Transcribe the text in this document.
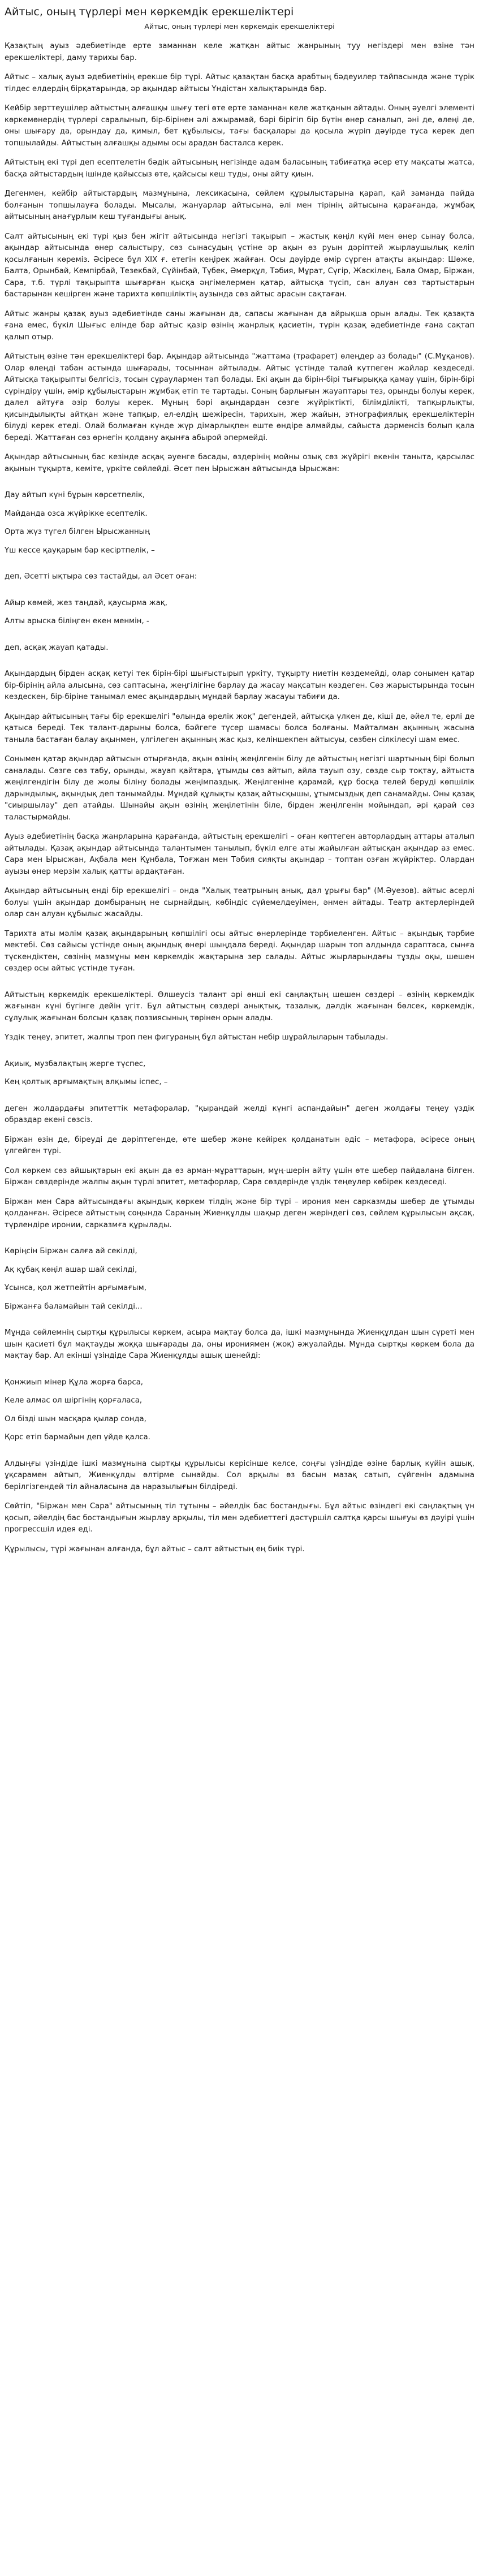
Айтыс, оның түрлері мен көркемдік ерекшеліктері
Айтыс, оның түрлері мен көркемдік ерекшеліктері

Қазақтың ауыз әдебиетінде ерте заманнан келе жатқан айтыс жанрының туу негіздері мен өзіне тән ерекшеліктері, даму тарихы бар.

Айтыс – халық ауыз әдебиетінің ерекше бір түрі. Айтыс қазақтан басқа арабтың бәдеуилер тайпасында және түрік тілдес елдердің бірқатарында, әр ақындар айтысы Үндістан халықтарында бар.

Кейбір зерттеушілер айтыстың алғашқы шығу тегі өте ерте заманнан келе жатқанын айтады. Оның әуелгі элементі көркемөнердің түрлері саралынып, бір-бірінен әлі ажырамай, бәрі бірігіп бір бүтін өнер саналып, әні де, өлеңі де, оны шығару да, орындау да, қимыл, бет құбылысы, тағы басқалары да қосыла жүріп дәуірде туса керек деп топшылайды. Айтыстың алғашқы адымы осы арадан басталса керек.

Айтыстың екі түрі деп есептелетін бәдік айтысының негізінде адам баласының табиғатқа әсер ету мақсаты жатса, басқа айтыстардың ішінде қайыссыз өте, қайсысы кеш туды, оны айту қиын.

Дегенмен, кейбір айтыстардың мазмұнына, лексикасына, сөйлем құрылыстарына қарап, қай заманда пайда болғанын топшылауға болады. Мысалы, жануарлар айтысына, әлі мен тірінің айтысына қарағанда, жұмбақ айтысының анағұрлым кеш туғандығы анық.

Салт айтысының екі түрі қыз бен жігіт айтысында негізгі тақырып – жастық көңіл күйі мен өнер сынау болса, ақындар айтысында өнер салыстыру, сөз сынасудың үстіне әр ақын өз руын дәріптей жырлаушылық келіп қосылғанын көреміз. Әсіресе бұл ХІХ ғ. етегін кеңірек жайған. Осы дәуірде өмір сүрген атақты ақындар: Шөже, Балта, Орынбай, Кемпірбай, Тезекбай, Сүйінбай, Түбек, Әмерқұл, Тәбия, Мұрат, Сүгір, Жаскілең, Бала Омар, Біржан, Сара, т.б. түрлі тақырыпта шығарған қысқа әңгімелермен қатар, айтысқа түсіп, сан алуан сөз тартыстарын бастарынан кешірген және тарихта көпшіліктің аузында сөз айтыс арасын сақтаған.

Айтыс жанры қазақ ауыз әдебиетінде саны жағынан да, сапасы жағынан да айрықша орын алады. Тек қазақта ғана емес, бүкіл Шығыс елінде бар айтыс қазір өзінің жанрлық қасиетін, түрін қазақ әдебиетінде ғана сақтап қалып отыр.

Айтыстың өзіне тән ерекшеліктері бар. Ақындар айтысында "жаттама (трафарет) өлеңдер аз болады" (С.Мұқанов). Олар өлеңді табан астында шығарады, тосыннан айтылады. Айтыс үстінде талай күтпеген жайлар кездеседі. Айтысқа тақырыпты белгісіз, тосын сұраулармен тап болады. Екі ақын да бірін-бірі тығырыққа қамау үшін, бірін-бірі сүріндіру үшін, әмір құбылыстарын жұмбақ етіп те тартады. Соның барлығын жауаптары тез, орынды болуы керек, далел айтуға әзір болуы керек. Мұның бәрі ақындардан сөзге жүйріктікті, білімділікті, тапқырлықты, қисындылықты айтқан және тапқыр, ел-елдің шежіресін, тарихын, жер жайын, этнографиялық ерекшеліктерін білуді керек етеді. Олай болмаған күнде жүр дімарлықпен еште өндіре алмайды, сайыста дәрменсіз болып қала береді. Жаттаған сөз өрнегін қолдану ақынға абырой әпермейді.

Ақындар айтысының бас кезінде асқақ әуенге басады, өздерінің мойны озық сөз жүйрігі екенін таныта, қарсылас ақынын тұқырта, кеміте, үркіте сөйлейді. Әсет пен Ырысжан айтысында Ырысжан:

Дау айтып күні бұрын көрсетпелік,

Майданда озса жүйрікке есептелік.

Орта жүз түгел білген Ырысжанның

Үш кессе қауқарым бар кесіртпелік, –

деп, Әсетті ықтыра сөз тастайды, ал Әсет оған:

Айыр көмей, жез таңдай, қаусырма жақ,

Алты арыска біліңген екен менмін, -

деп, асқақ жауап қатады.

Ақындардың бірден асқақ кетуі тек бірін-бірі шығыстырып үркіту, тұқырту ниетін көздемейді, олар сонымен қатар бір-бірінің айла алысына, сөз саптасына, жеңгілігіне барлау да жасау мақсатын көздеген. Сөз жарыстырында тосын кездескен, бір-біріне танымал емес ақындардың мұндай барлау жасауы табиғи да.

Ақындар айтысының тағы бір ерекшелігі "өлында өрелік жоқ" дегендей, айтысқа үлкен де, кіші де, әйел те, ерлі де қатыса береді. Тек талант-дарыны болса, бәйгеге түсер шамасы болса болғаны. Майталман ақынның жасына таныла бастаған балау ақынмен, үлгілеген ақынның жас қыз, келіншекпен айтысуы, сөзбен сілкілесуі шам емес.

Сонымен қатар ақындар айтысын отырғанда, ақын өзінің жеңілгенін білу де айтыстың негізгі шартының бірі болып саналады. Сөзге сөз табу, орынды, жауап қайтара, ұтымды сөз айтып, айла тауып озу, сөзде сыр тоқтау, айтыста жеңілгендігін білу де жолы біліну болады жеңімпаздық. Жеңілгеніне қарамай, құр босқа телей берудi көпшілік дарындылық, ақындық деп танымайды. Мұндай құлықты қазақ айтысқышы, ұтымсыздық деп санамайды. Оны қазақ "сиыршылау" деп атайды. Шынайы ақын өзінің жеңілетінін біле, бірден жеңілгенін мойындап, әрі қарай сөз таластырмайды.

Ауыз әдебиетінің басқа жанрларына қарағанда, айтыстың ерекшелігі – оған көптеген авторлардың аттары аталып айтылады. Қазақ ақындар айтысында талантымен танылып, бүкіл елге аты жайылған айтысқан ақындар аз емес. Сара мен Ырысжан, Ақбала мен Құнбала, Тоғжан мен Тәбия сияқты ақындар – топтан озған жүйріктер. Олардан ауызы өнер мерзім халық қатты ардақтаған.

Ақындар айтысының енді бір ерекшелігі – онда "Халық театрының анық, дал ұрығы бар" (М.Әуезов). айтыс асерлі болуы үшін ақындар домбыраның не сырнайдың, көбіндіс сүйемелдеуімен, әнмен айтады. Театр актерлеріндей олар сан алуан құбылыс жасайды.

Тарихта аты мәлім қазақ ақындарының көпшілігі осы айтыс өнерлерінде тәрбиеленген. Айтыс – ақындық тәрбие мектебі. Сөз сайысы үстінде оның ақындық өнері шыңдала береді. Ақындар шарын топ алдында сараптаса, сынға түскендіктен, сөзінің мазмұны мен көркемдік жақтарына зер салады. Айтыс жырларындағы тұзды оқы, шешен сөздер осы айтыс үстінде туған.

Айтыстың көркемдік ерекшеліктері. Өлшеусіз талант әрі өнші екі саңлақтың шешен сөздері – өзінің көркемдік жағынан күні бүгінге дейін үгіт. Бұл айтыстың сөздері анықтық, тазалық, дәлдік жағынан бөлсек, көркемдік, сұлулық жағынан болсын қазақ поэзиясының төрінен орын алады.

Үздік теңеу, эпитет, жалпы троп пен фигураның бұл айтыстан небір шұрайлыларын табылады.

Ақиық, музбалақтың жерге түспес,

Кең қолтық арғымақтың алқымы іспес, –

деген жолдардағы эпитеттік метафоралар, "қырандай желді күнгі аспандайын" деген жолдағы теңеу үздік образдар екені сөзсіз.

Біржан өзін де, біреуді де дәріптегенде, өте шебер және кейірек қолданатын әдіс – метафора, әсіресе оның үлгейген түрі.

Сол көркем сөз айшықтарын екі ақын да өз арман-мұраттарын, мұң-шерін айту үшін өте шебер пайдалана білген. Біржан сөздерінде жалпы ақын түрлі эпитет, метафорлар, Сара сөздерінде үздік теңеулер көбірек кездеседі.

Біржан мен Сара айтысындағы ақындық көркем тілдің және бір түрі – ирония мен сарказмды шебер де ұтымды қолданған. Әсіресе айтыстың соңында Сараның Жиенқұлды шақыр деген жеріндегі сөз, сөйлем құрылысын ақсақ, түрлендіре иронии, сарказмға құрылады.

Көріңсін Біржан салға ай секілді,

Ақ құбақ көңіл ашар шай секілді,

Ұсынса, қол жетпейтін арғымағым,

Біржанға баламайын тай секілді...

Мұнда сөйлемнің сыртқы құрылысы көркем, асыра мақтау болса да, ішкі мазмұнында Жиенқұлдан шын сүреті мен шын қасиеті бұл мақтауды жоққа шығарады да, оны ирониямен (жоқ) әжуалайды. Мұнда сыртқы көркем бола да мақтау бар. Ал екінші үзіндіде Сара Жиенқұлды ашық шенейді:

Қонжиып мінер Құла жорға барса,

Келе алмас ол шіргінің қорғаласа,

Ол бізді шын масқара қылар сонда,

Қорс етіп бармайын деп үйде қалса.

Алдыңғы үзіндіде ішкі мазмұнына сыртқы құрылысы керісінше келсе, соңғы үзіндіде өзіне барлық күйін ашық, ұқсарамен айтып, Жиенқұлды өлтірме сынайды. Сол арқылы өз басын мазақ сатып, сүйгенін адамына берілгізгендей тіл айналасына да наразылығын білдіреді.

Сөйтіп, "Біржан мен Сара" айтысының тіл тұтыны – әйелдік бас бостандығы. Бұл айтыс өзіндегі екі саңлақтың үн қосып, әйелдің бас бостандығын жырлау арқылы, тіл мен әдебиеттегі дәстүршіл салтқа қарсы шығуы өз дәуірі үшін прогрессшіл идея еді.

Құрылысы, түрі жағынан алғанда, бұл айтыс – салт айтыстың ең биік түрі.
